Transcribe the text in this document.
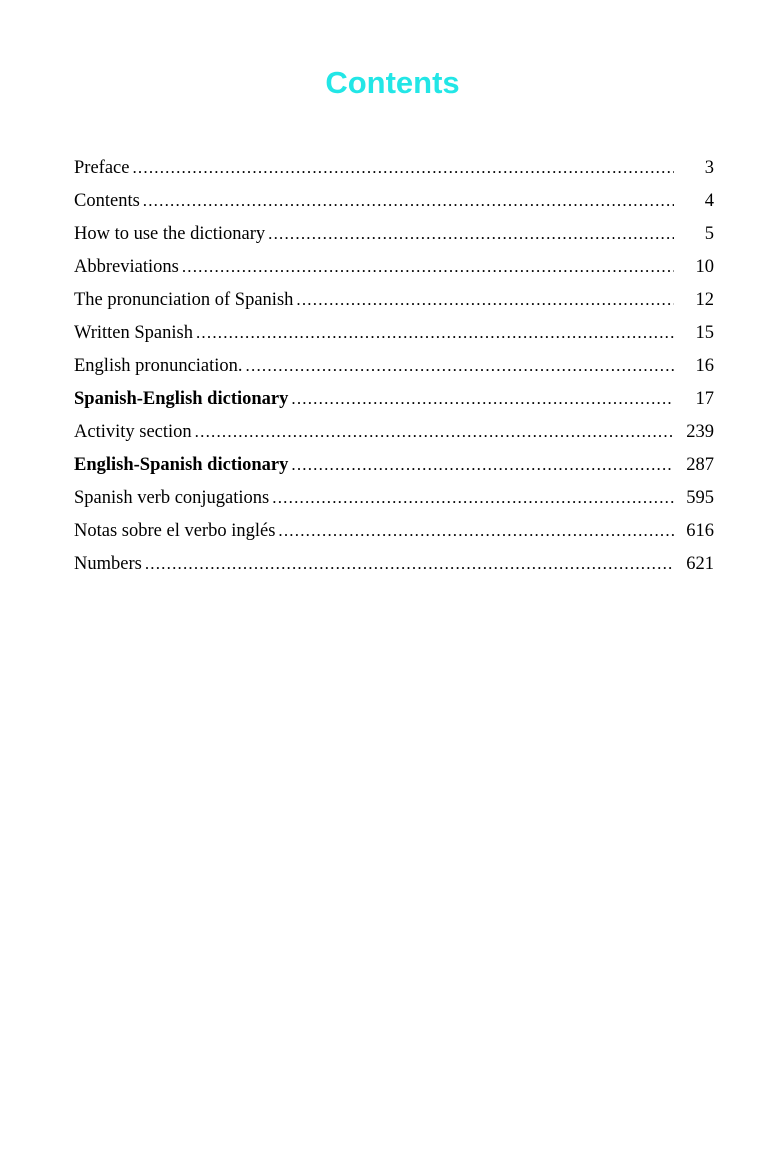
Contents
Preface .....	3
Contents .....	4
How to use the dictionary .....	5
Abbreviations .....	10
The pronunciation of Spanish .....	12
Written Spanish .....	15
English pronunciation. .....	16
Spanish-English dictionary .....	17
Activity section .....	239
English-Spanish dictionary .....	287
Spanish verb conjugations .....	595
Notas sobre el verbo inglés .....	616
Numbers .....	621
